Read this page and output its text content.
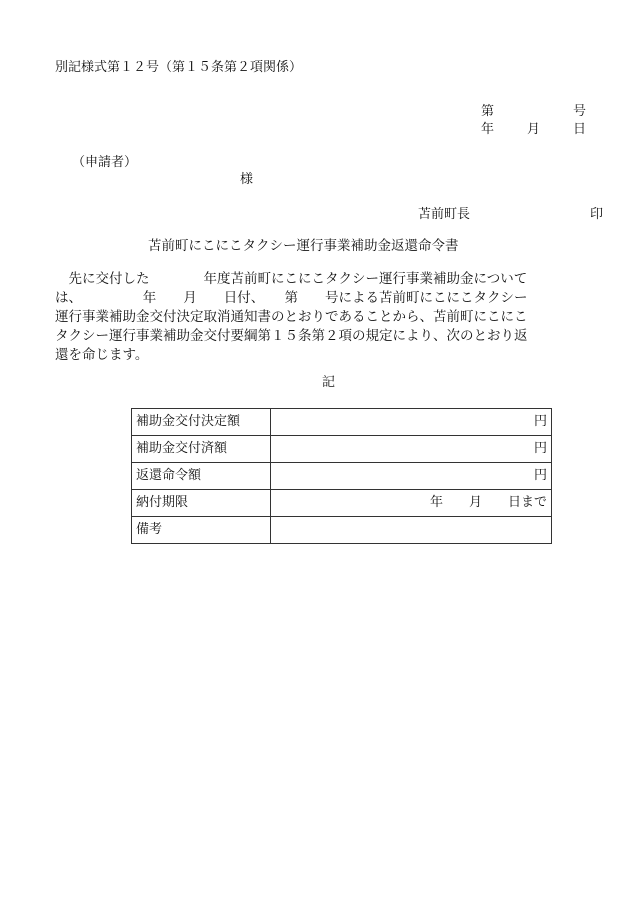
別記様式第１２号（第１５条第２項関係）
第	号
年	月	日
（申請者）
様
苫前町長	印
苫前町にこにこタクシー運行事業補助金返還命令書
　先に交付した　　　　年度苫前町にこにこタクシー運行事業補助金について
は、　　　　　年　　月　　日付、　　第　　号による苫前町にこにこタクシー
運行事業補助金交付決定取消通知書のとおりであることから、苫前町にこにこ
タクシー運行事業補助金交付要綱第１５条第２項の規定により、次のとおり返
還を命じます。
記
補助金交付決定額	円
補助金交付済額	円
返還命令額	円
納付期限	年　　月　　日まで
備考	
